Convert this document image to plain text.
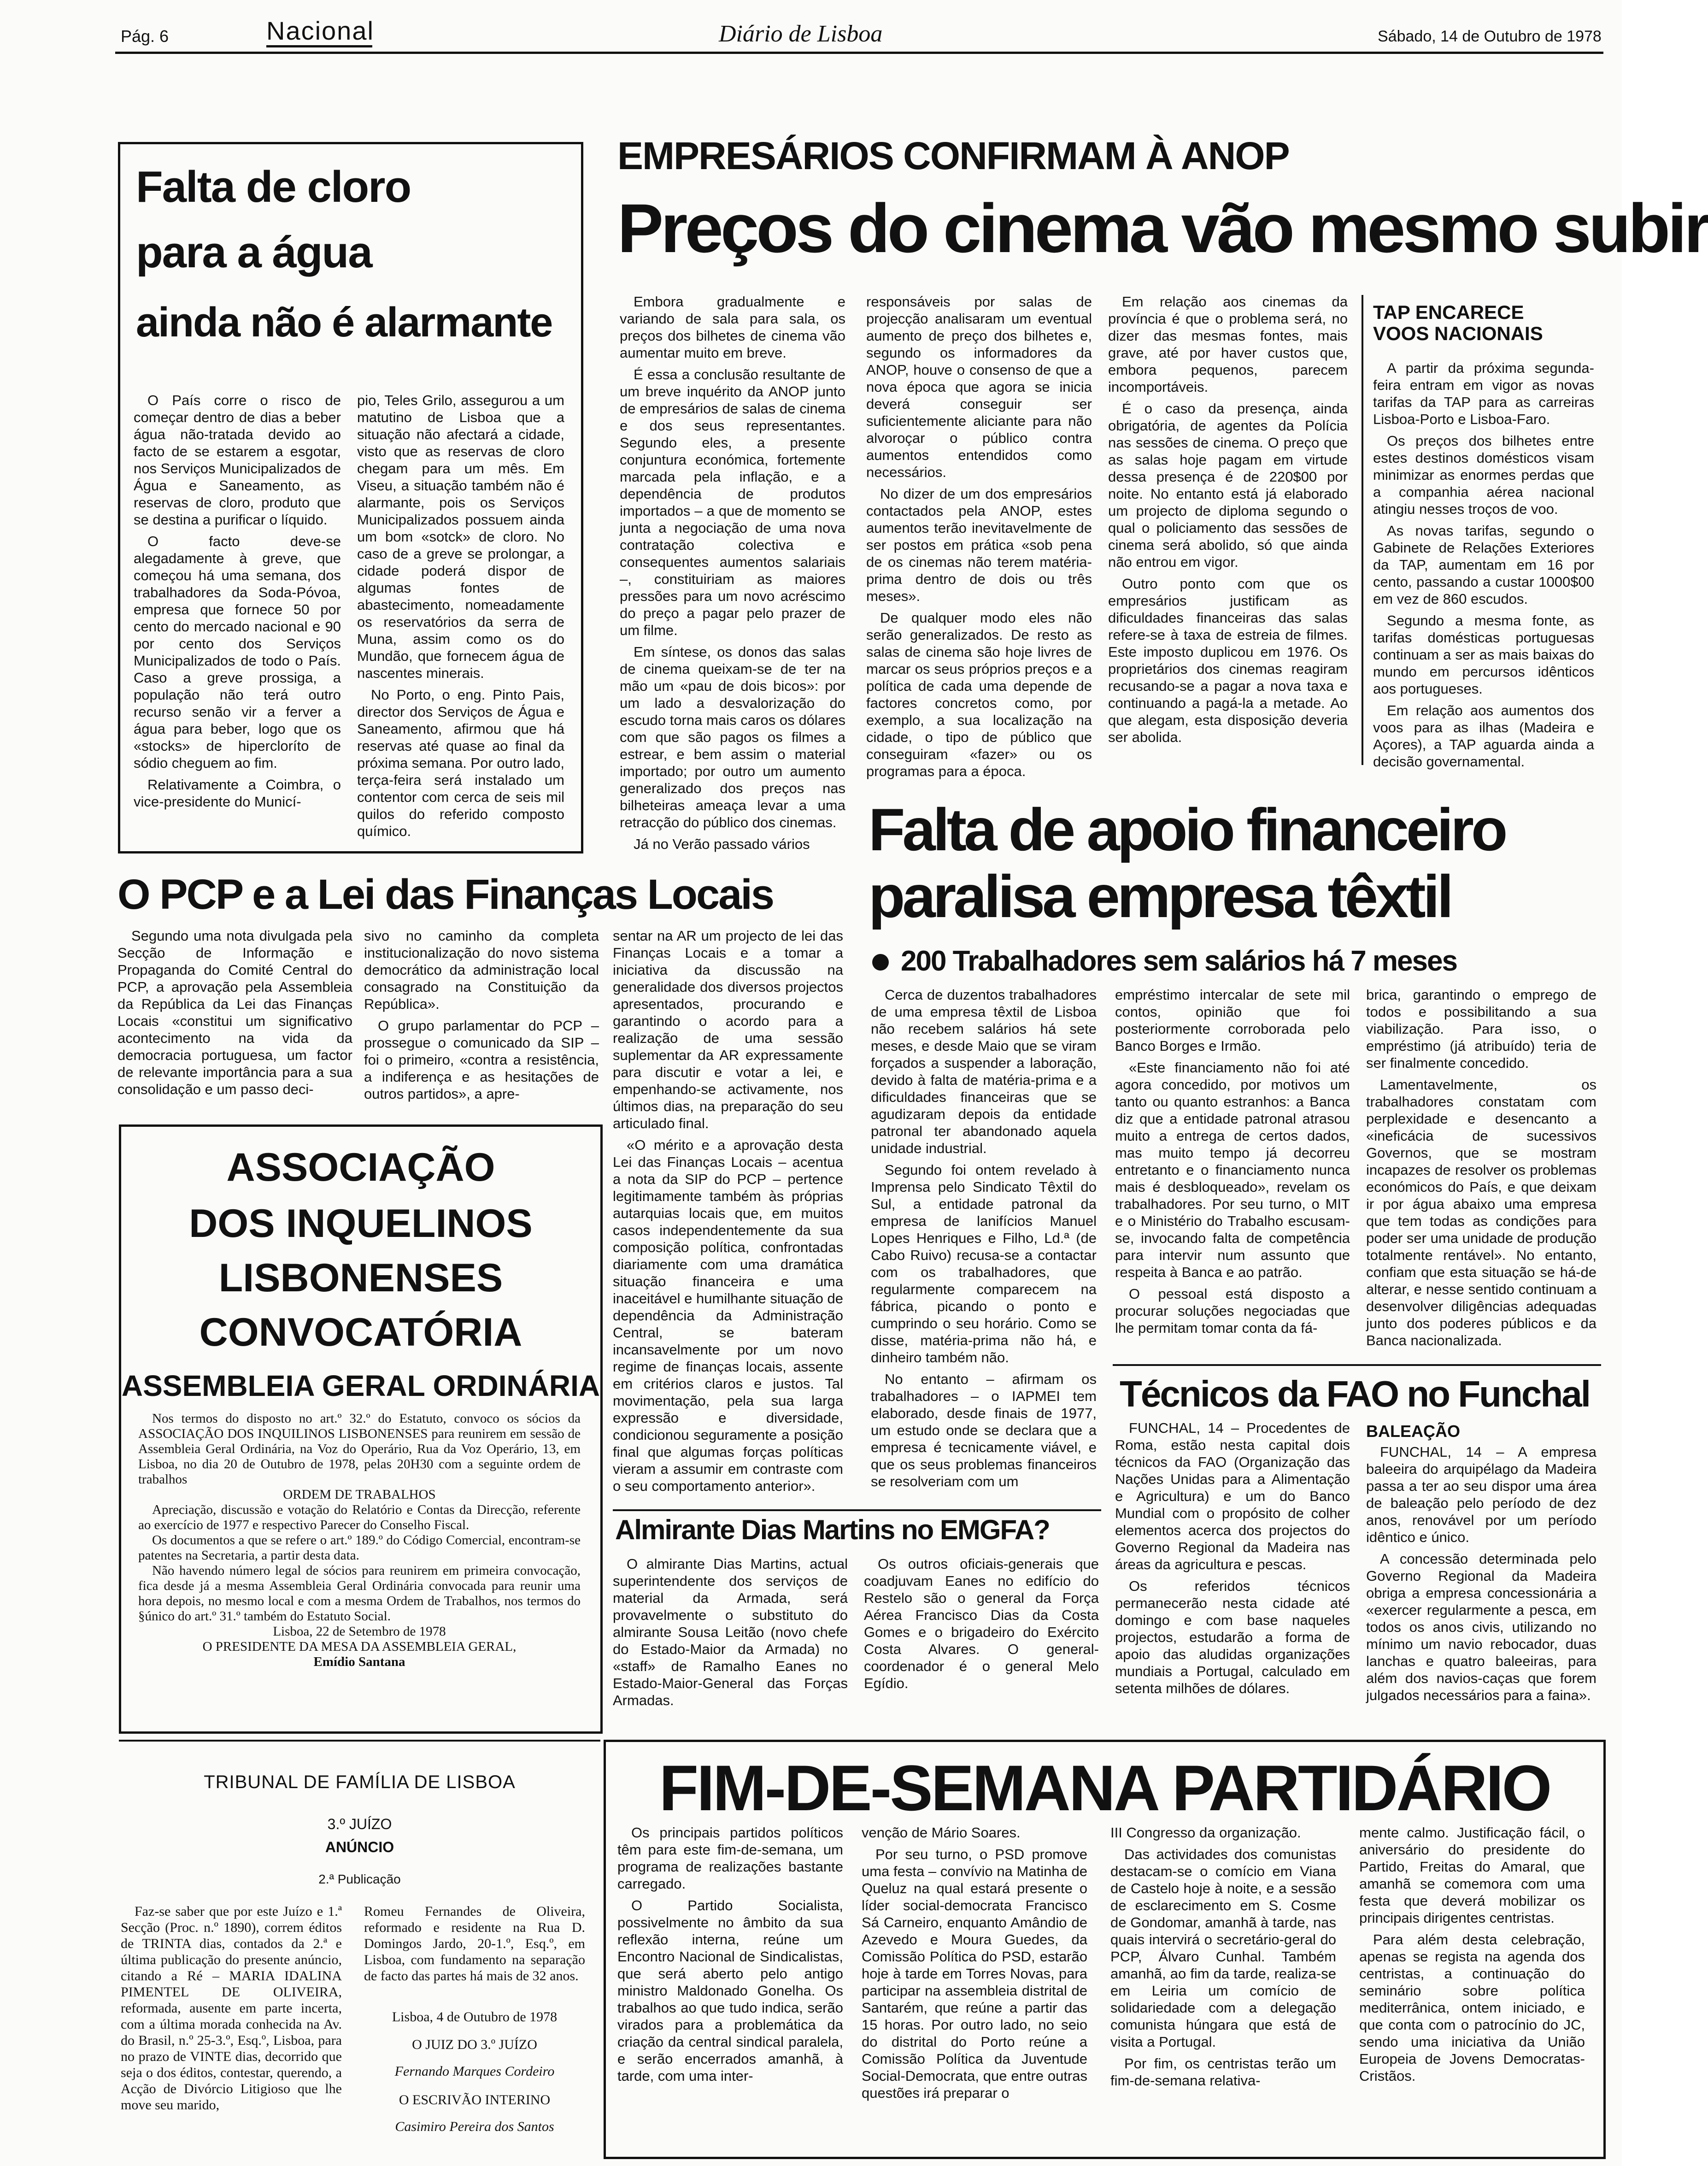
Pág. 6	Nacional	Diário de Lisboa	Sábado, 14 de Outubro de 1978
Falta de cloro
para a água
ainda não é alarmante

O País corre o risco de começar dentro de dias a beber água não-tratada devido ao facto de se estarem a esgotar, nos Serviços Municipalizados de Água e Saneamento, as reservas de cloro, produto que se destina a purificar o líquido.

O facto deve-se alegadamente à greve, que começou há uma semana, dos trabalhadores da Soda-Póvoa, empresa que fornece 50 por cento do mercado nacional e 90 por cento dos Serviços Municipalizados de todo o País. Caso a greve prossiga, a população não terá outro recurso senão vir a ferver a água para beber, logo que os «stocks» de hipercloríto de sódio cheguem ao fim.

Relativamente a Coimbra, o vice-presidente do Municí-

pio, Teles Grilo, assegurou a um matutino de Lisboa que a situação não afectará a cidade, visto que as reservas de cloro chegam para um mês. Em Viseu, a situação também não é alarmante, pois os Serviços Municipalizados possuem ainda um bom «sotck» de cloro. No caso de a greve se prolongar, a cidade poderá dispor de algumas fontes de abastecimento, nomeadamente os reservatórios da serra de Muna, assim como os do Mundão, que fornecem água de nascentes minerais.

No Porto, o eng. Pinto Pais, director dos Serviços de Água e Saneamento, afirmou que há reservas até quase ao final da próxima semana. Por outro lado, terça-feira será instalado um contentor com cerca de seis mil quilos do referido composto químico.

EMPRESÁRIOS CONFIRMAM À ANOP
Preços do cinema vão mesmo subir

Embora gradualmente e variando de sala para sala, os preços dos bilhetes de cinema vão aumentar muito em breve.

É essa a conclusão resultante de um breve inquérito da ANOP junto de empresários de salas de cinema e dos seus representantes. Segundo eles, a presente conjuntura económica, fortemente marcada pela inflação, e a dependência de produtos importados – a que de momento se junta a negociação de uma nova contratação colectiva e consequentes aumentos salariais –, constituiriam as maiores pressões para um novo acréscimo do preço a pagar pelo prazer de um filme.

Em síntese, os donos das salas de cinema queixam-se de ter na mão um «pau de dois bicos»: por um lado a desvalorização do escudo torna mais caros os dólares com que são pagos os filmes a estrear, e bem assim o material importado; por outro um aumento generalizado dos preços nas bilheteiras ameaça levar a uma retracção do público dos cinemas.

Já no Verão passado vários

responsáveis por salas de projecção analisaram um eventual aumento de preço dos bilhetes e, segundo os informadores da ANOP, houve o consenso de que a nova época que agora se inicia deverá conseguir ser suficientemente aliciante para não alvoroçar o público contra aumentos entendidos como necessários.

No dizer de um dos empresários contactados pela ANOP, estes aumentos terão inevitavelmente de ser postos em prática «sob pena de os cinemas não terem matéria-prima dentro de dois ou três meses».

De qualquer modo eles não serão generalizados. De resto as salas de cinema são hoje livres de marcar os seus próprios preços e a política de cada uma depende de factores concretos como, por exemplo, a sua localização na cidade, o tipo de público que conseguiram «fazer» ou os programas para a época.

Em relação aos cinemas da província é que o problema será, no dizer das mesmas fontes, mais grave, até por haver custos que, embora pequenos, parecem incomportáveis.

É o caso da presença, ainda obrigatória, de agentes da Polícia nas sessões de cinema. O preço que as salas hoje pagam em virtude dessa presença é de 220$00 por noite. No entanto está já elaborado um projecto de diploma segundo o qual o policiamento das sessões de cinema será abolido, só que ainda não entrou em vigor.

Outro ponto com que os empresários justificam as dificuldades financeiras das salas refere-se à taxa de estreia de filmes. Este imposto duplicou em 1976. Os proprietários dos cinemas reagiram recusando-se a pagar a nova taxa e continuando a pagá-la a metade. Ao que alegam, esta disposição deveria ser abolida.

TAP ENCARECE VOOS NACIONAIS

A partir da próxima segunda-feira entram em vigor as novas tarifas da TAP para as carreiras Lisboa-Porto e Lisboa-Faro.

Os preços dos bilhetes entre estes destinos domésticos visam minimizar as enormes perdas que a companhia aérea nacional atingiu nesses troços de voo.

As novas tarifas, segundo o Gabinete de Relações Exteriores da TAP, aumentam em 16 por cento, passando a custar 1000$00 em vez de 860 escudos.

Segundo a mesma fonte, as tarifas domésticas portuguesas continuam a ser as mais baixas do mundo em percursos idênticos aos portugueses.

Em relação aos aumentos dos voos para as ilhas (Madeira e Açores), a TAP aguarda ainda a decisão governamental.

O PCP e a Lei das Finanças Locais

Segundo uma nota divulgada pela Secção de Informação e Propaganda do Comité Central do PCP, a aprovação pela Assembleia da República da Lei das Finanças Locais «constitui um significativo acontecimento na vida da democracia portuguesa, um factor de relevante importância para a sua consolidação e um passo deci-

sivo no caminho da completa institucionalização do novo sistema democrático da administração local consagrado na Constituição da República».

O grupo parlamentar do PCP – prossegue o comunicado da SIP – foi o primeiro, «contra a resistência, a indiferença e as hesitações de outros partidos», a apre-

sentar na AR um projecto de lei das Finanças Locais e a tomar a iniciativa da discussão na generalidade dos diversos projectos apresentados, procurando e garantindo o acordo para a realização de uma sessão suplementar da AR expressamente para discutir e votar a lei, e empenhando-se activamente, nos últimos dias, na preparação do seu articulado final.

«O mérito e a aprovação desta Lei das Finanças Locais – acentua a nota da SIP do PCP – pertence legitimamente também às próprias autarquias locais que, em muitos casos independentemente da sua composição política, confrontadas diariamente com uma dramática situação financeira e uma inaceitável e humilhante situação de dependência da Administração Central, se bateram incansavelmente por um novo regime de finanças locais, assente em critérios claros e justos. Tal movimentação, pela sua larga expressão e diversidade, condicionou seguramente a posição final que algumas forças políticas vieram a assumir em contraste com o seu comportamento anterior».

ASSOCIAÇÃO
DOS INQUELINOS
LISBONENSES
CONVOCATÓRIA
ASSEMBLEIA GERAL ORDINÁRIA

Nos termos do disposto no art.º 32.º do Estatuto, convoco os sócios da ASSOCIAÇÃO DOS INQUILINOS LISBONENSES para reunirem em sessão de Assembleia Geral Ordinária, na Voz do Operário, Rua da Voz Operário, 13, em Lisboa, no dia 20 de Outubro de 1978, pelas 20H30 com a seguinte ordem de trabalhos

ORDEM DE TRABALHOS

Apreciação, discussão e votação do Relatório e Contas da Direcção, referente ao exercício de 1977 e respectivo Parecer do Conselho Fiscal.

Os documentos a que se refere o art.º 189.º do Código Comercial, encontram-se patentes na Secretaria, a partir desta data.

Não havendo número legal de sócios para reunirem em primeira convocação, fica desde já a mesma Assembleia Geral Ordinária convocada para reunir uma hora depois, no mesmo local e com a mesma Ordem de Trabalhos, nos termos do §único do art.º 31.º também do Estatuto Social.

Lisboa, 22 de Setembro de 1978

O PRESIDENTE DA MESA DA ASSEMBLEIA GERAL,

Emídio Santana

TRIBUNAL DE FAMÍLIA DE LISBOA
3.º JUÍZO
ANÚNCIO
2.ª Publicação

Faz-se saber que por este Juízo e 1.ª Secção (Proc. n.º 1890), correm éditos de TRINTA dias, contados da 2.ª e última publicação do presente anúncio, citando a Ré – MARIA IDALINA PIMENTEL DE OLIVEIRA, reformada, ausente em parte incerta, com a última morada conhecida na Av. do Brasil, n.º 25-3.º, Esq.º, Lisboa, para no prazo de VINTE dias, decorrido que seja o dos éditos, contestar, querendo, a Acção de Divórcio Litigioso que lhe move seu marido,

Romeu Fernandes de Oliveira, reformado e residente na Rua D. Domingos Jardo, 20-1.º, Esq.º, em Lisboa, com fundamento na separação de facto das partes há mais de 32 anos.

Lisboa, 4 de Outubro de 1978
O JUIZ DO 3.º JUÍZO
Fernando Marques Cordeiro
O ESCRIVÃO INTERINO
Casimiro Pereira dos Santos
Falta de apoio financeiro
paralisa empresa têxtil
200 Trabalhadores sem salários há 7 meses

Cerca de duzentos trabalhadores de uma empresa têxtil de Lisboa não recebem salários há sete meses, e desde Maio que se viram forçados a suspender a laboração, devido à falta de matéria-prima e a dificuldades financeiras que se agudizaram depois da entidade patronal ter abandonado aquela unidade industrial.

Segundo foi ontem revelado à Imprensa pelo Sindicato Têxtil do Sul, a entidade patronal da empresa de lanifícios Manuel Lopes Henriques e Filho, Ld.ª (de Cabo Ruivo) recusa-se a contactar com os trabalhadores, que regularmente comparecem na fábrica, picando o ponto e cumprindo o seu horário. Como se disse, matéria-prima não há, e dinheiro também não.

No entanto – afirmam os trabalhadores – o IAPMEI tem elaborado, desde finais de 1977, um estudo onde se declara que a empresa é tecnicamente viável, e que os seus problemas financeiros se resolveriam com um

empréstimo intercalar de sete mil contos, opinião que foi posteriormente corroborada pelo Banco Borges e Irmão.

«Este financiamento não foi até agora concedido, por motivos um tanto ou quanto estranhos: a Banca diz que a entidade patronal atrasou muito a entrega de certos dados, mas muito tempo já decorreu entretanto e o financiamento nunca mais é desbloqueado», revelam os trabalhadores. Por seu turno, o MIT e o Ministério do Trabalho escusam-se, invocando falta de competência para intervir num assunto que respeita à Banca e ao patrão.

O pessoal está disposto a procurar soluções negociadas que lhe permitam tomar conta da fá-

brica, garantindo o emprego de todos e possibilitando a sua viabilização. Para isso, o empréstimo (já atribuído) teria de ser finalmente concedido.

Lamentavelmente, os trabalhadores constatam com perplexidade e desencanto a «ineficácia de sucessivos Governos, que se mostram incapazes de resolver os problemas económicos do País, e que deixam ir por água abaixo uma empresa que tem todas as condições para poder ser uma unidade de produção totalmente rentável». No entanto, confiam que esta situação se há-de alterar, e nesse sentido continuam a desenvolver diligências adequadas junto dos poderes públicos e da Banca nacionalizada.

Técnicos da FAO no Funchal

FUNCHAL, 14 – Procedentes de Roma, estão nesta capital dois técnicos da FAO (Organização das Nações Unidas para a Alimentação e Agricultura) e um do Banco Mundial com o propósito de colher elementos acerca dos projectos do Governo Regional da Madeira nas áreas da agricultura e pescas.

Os referidos técnicos permanecerão nesta cidade até domingo e com base naqueles projectos, estudarão a forma de apoio das aludidas organizações mundiais a Portugal, calculado em setenta milhões de dólares.

BALEAÇÃO

FUNCHAL, 14 – A empresa baleeira do arquipélago da Madeira passa a ter ao seu dispor uma área de baleação pelo período de dez anos, renovável por um período idêntico e único.

A concessão determinada pelo Governo Regional da Madeira obriga a empresa concessionária a «exercer regularmente a pesca, em todos os anos civis, utilizando no mínimo um navio rebocador, duas lanchas e quatro baleeiras, para além dos navios-caças que forem julgados necessários para a faina».

Almirante Dias Martins no EMGFA?

O almirante Dias Martins, actual superintendente dos serviços de material da Armada, será provavelmente o substituto do almirante Sousa Leitão (novo chefe do Estado-Maior da Armada) no «staff» de Ramalho Eanes no Estado-Maior-General das Forças Armadas.

Os outros oficiais-generais que coadjuvam Eanes no edifício do Restelo são o general da Força Aérea Francisco Dias da Costa Gomes e o brigadeiro do Exército Costa Alvares. O general-coordenador é o general Melo Egídio.

FIM-DE-SEMANA PARTIDÁRIO

Os principais partidos políticos têm para este fim-de-semana, um programa de realizações bastante carregado.

O Partido Socialista, possivelmente no âmbito da sua reflexão interna, reúne um Encontro Nacional de Sindicalistas, que será aberto pelo antigo ministro Maldonado Gonelha. Os trabalhos ao que tudo indica, serão virados para a problemática da criação da central sindical paralela, e serão encerrados amanhã, à tarde, com uma inter-

venção de Mário Soares.

Por seu turno, o PSD promove uma festa – convívio na Matinha de Queluz na qual estará presente o líder social-democrata Francisco Sá Carneiro, enquanto Amândio de Azevedo e Moura Guedes, da Comissão Política do PSD, estarão hoje à tarde em Torres Novas, para participar na assembleia distrital de Santarém, que reúne a partir das 15 horas. Por outro lado, no seio do distrital do Porto reúne a Comissão Política da Juventude Social-Democrata, que entre outras questões irá preparar o

III Congresso da organização.

Das actividades dos comunistas destacam-se o comício em Viana de Castelo hoje à noite, e a sessão de esclarecimento em S. Cosme de Gondomar, amanhã à tarde, nas quais intervirá o secretário-geral do PCP, Álvaro Cunhal. Também amanhã, ao fim da tarde, realiza-se em Leiria um comício de solidariedade com a delegação comunista húngara que está de visita a Portugal.

Por fim, os centristas terão um fim-de-semana relativa-

mente calmo. Justificação fácil, o aniversário do presidente do Partido, Freitas do Amaral, que amanhã se comemora com uma festa que deverá mobilizar os principais dirigentes centristas.

Para além desta celebração, apenas se regista na agenda dos centristas, a continuação do seminário sobre política mediterrânica, ontem iniciado, e que conta com o patrocínio do JC, sendo uma iniciativa da União Europeia de Jovens Democratas-Cristãos.
